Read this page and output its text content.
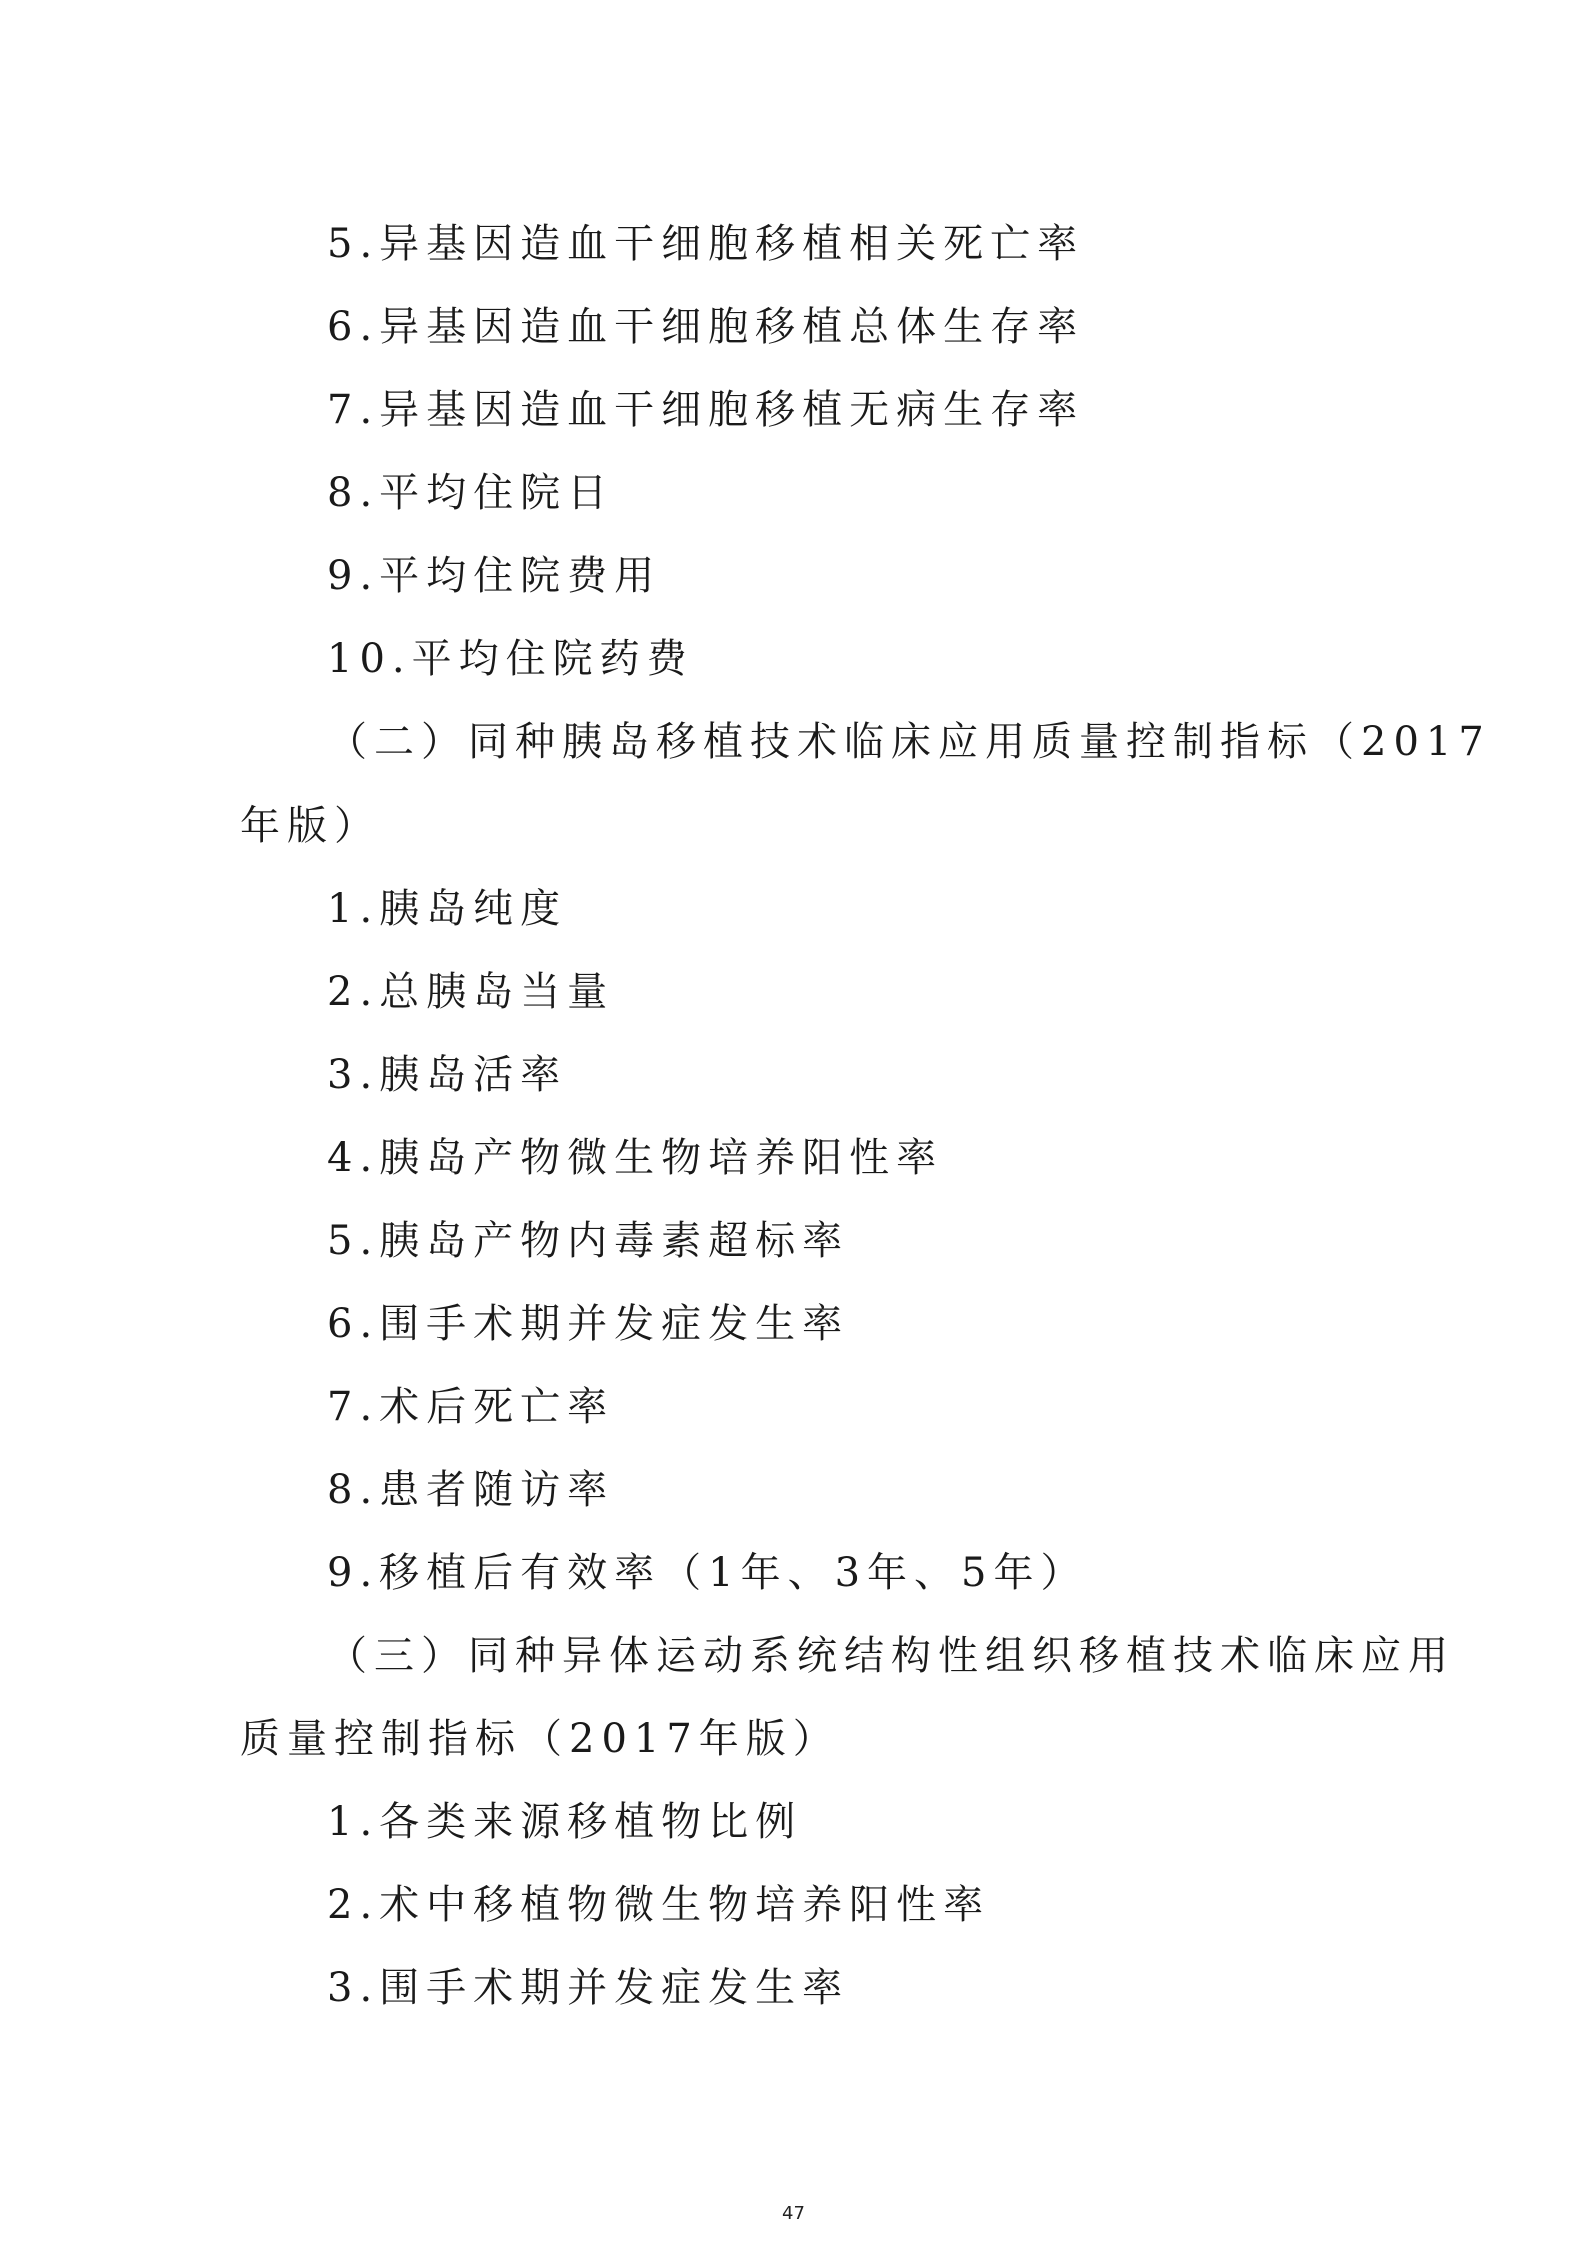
5.异基因造血干细胞移植相关死亡率
6.异基因造血干细胞移植总体生存率
7.异基因造血干细胞移植无病生存率
8.平均住院日
9.平均住院费用
10.平均住院药费
（二）同种胰岛移植技术临床应用质量控制指标（2017
年版）
1.胰岛纯度
2.总胰岛当量
3.胰岛活率
4.胰岛产物微生物培养阳性率
5.胰岛产物内毒素超标率
6.围手术期并发症发生率
7.术后死亡率
8.患者随访率
9.移植后有效率（1年、3年、5年）
（三）同种异体运动系统结构性组织移植技术临床应用
质量控制指标（2017年版）
1.各类来源移植物比例
2.术中移植物微生物培养阳性率
3.围手术期并发症发生率
47
